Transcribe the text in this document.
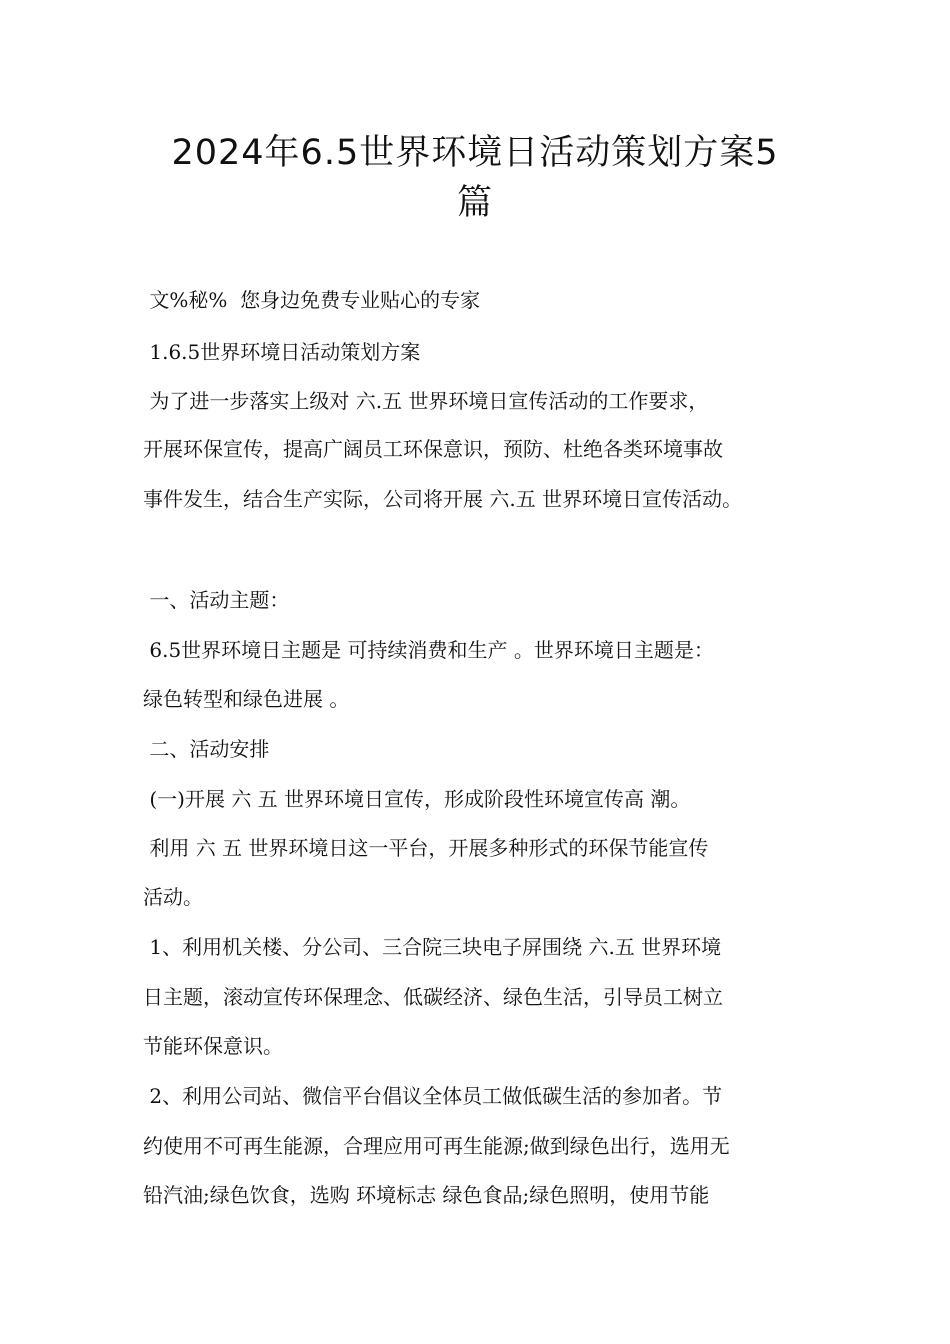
2024年6.5世界环境日活动策划方案5
篇

文%秘%  您身边免费专业贴心的专家

1.6.5世界环境日活动策划方案

为了进一步落实上级对 六.五 世界环境日宣传活动的工作要求，

开展环保宣传，提高广阔员工环保意识，预防、杜绝各类环境事故

事件发生，结合生产实际，公司将开展 六.五 世界环境日宣传活动。

一、活动主题：

6.5世界环境日主题是 可持续消费和生产 。世界环境日主题是：

绿色转型和绿色进展 。

二、活动安排

(一)开展 六 五 世界环境日宣传，形成阶段性环境宣传高 潮。

利用 六 五 世界环境日这一平台，开展多种形式的环保节能宣传

活动。

1、利用机关楼、分公司、三合院三块电子屏围绕 六.五 世界环境

日主题，滚动宣传环保理念、低碳经济、绿色生活，引导员工树立

节能环保意识。

2、利用公司站、微信平台倡议全体员工做低碳生活的参加者。节

约使用不可再生能源，合理应用可再生能源;做到绿色出行，选用无

铅汽油;绿色饮食，选购 环境标志 绿色食品;绿色照明，使用节能
